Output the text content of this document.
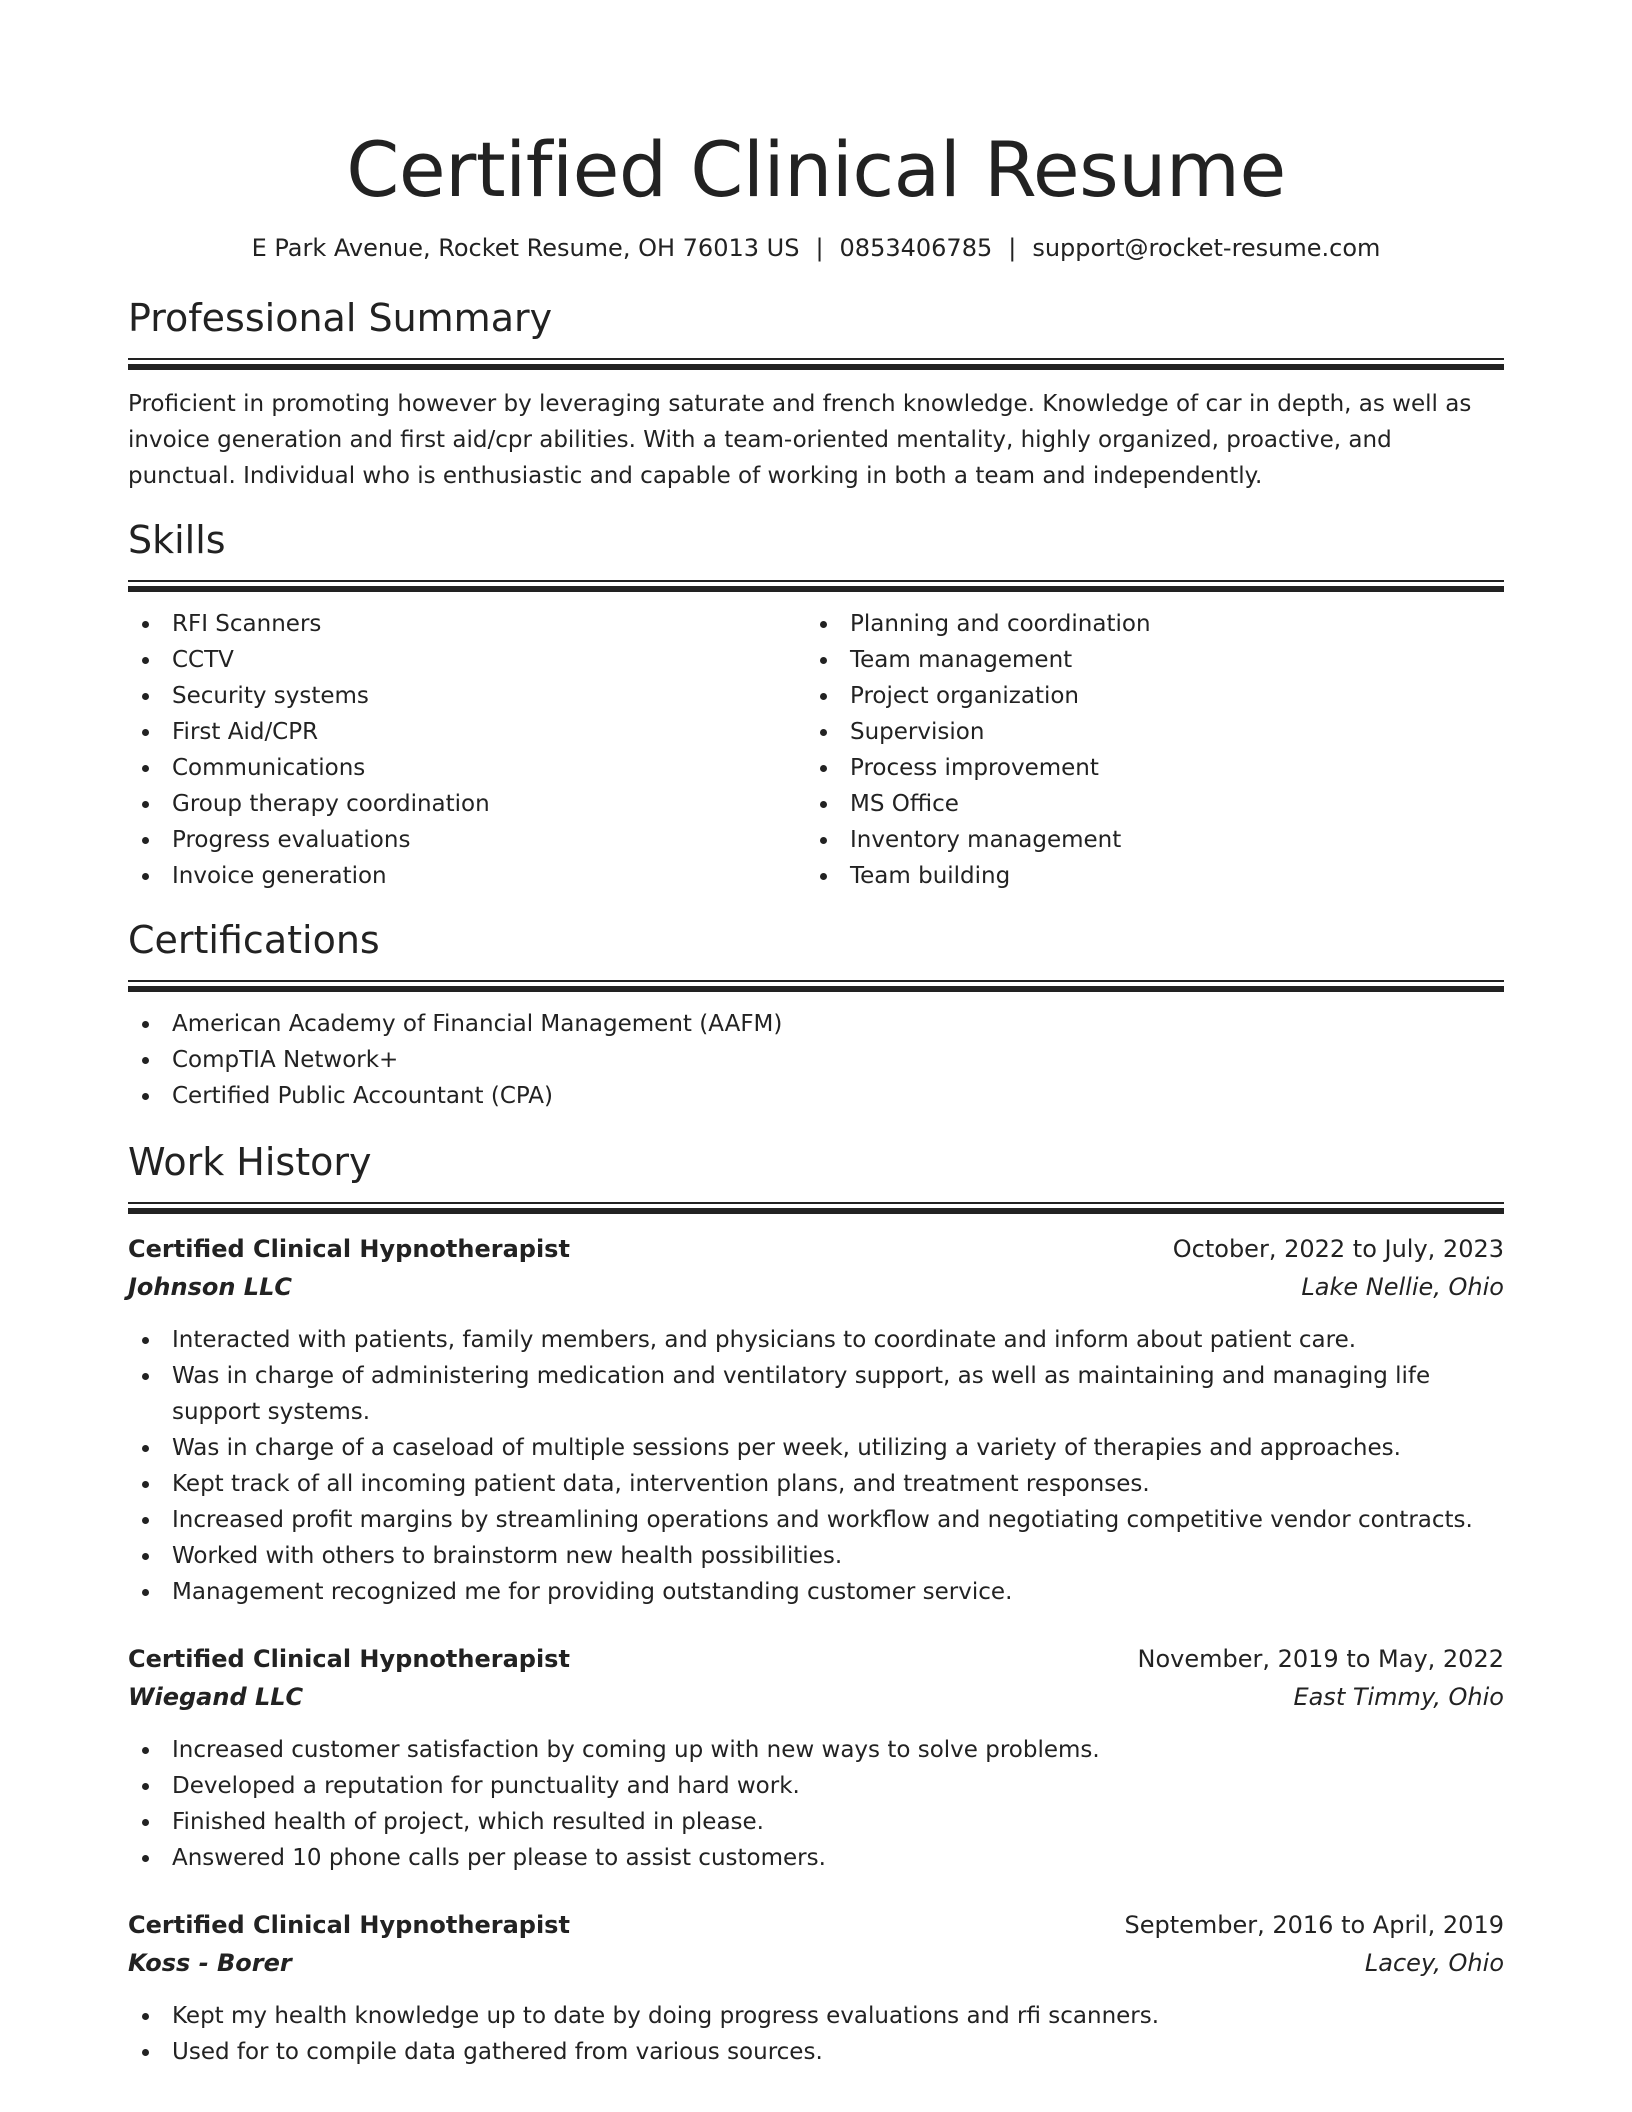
Certified Clinical Resume
E Park Avenue, Rocket Resume, OH 76013 US | 0853406785 | support@rocket-resume.com
Professional Summary

Proficient in promoting however by leveraging saturate and french knowledge. Knowledge of car in depth, as well as invoice generation and first aid/cpr abilities. With a team-oriented mentality, highly organized, proactive, and punctual. Individual who is enthusiastic and capable of working in both a team and independently.

Skills
RFI Scanners
CCTV
Security systems
First Aid/CPR
Communications
Group therapy coordination
Progress evaluations
Invoice generation
Planning and coordination
Team management
Project organization
Supervision
Process improvement
MS Office
Inventory management
Team building
Certifications
American Academy of Financial Management (AAFM)
CompTIA Network+
Certified Public Accountant (CPA)
Work History
Certified Clinical Hypnotherapist	October, 2022 to July, 2023
Johnson LLC	Lake Nellie, Ohio
Interacted with patients, family members, and physicians to coordinate and inform about patient care.
Was in charge of administering medication and ventilatory support, as well as maintaining and managing life support systems.
Was in charge of a caseload of multiple sessions per week, utilizing a variety of therapies and approaches.
Kept track of all incoming patient data, intervention plans, and treatment responses.
Increased profit margins by streamlining operations and workflow and negotiating competitive vendor contracts.
Worked with others to brainstorm new health possibilities.
Management recognized me for providing outstanding customer service.
Certified Clinical Hypnotherapist	November, 2019 to May, 2022
Wiegand LLC	East Timmy, Ohio
Increased customer satisfaction by coming up with new ways to solve problems.
Developed a reputation for punctuality and hard work.
Finished health of project, which resulted in please.
Answered 10 phone calls per please to assist customers.
Certified Clinical Hypnotherapist	September, 2016 to April, 2019
Koss - Borer	Lacey, Ohio
Kept my health knowledge up to date by doing progress evaluations and rfi scanners.
Used for to compile data gathered from various sources.
